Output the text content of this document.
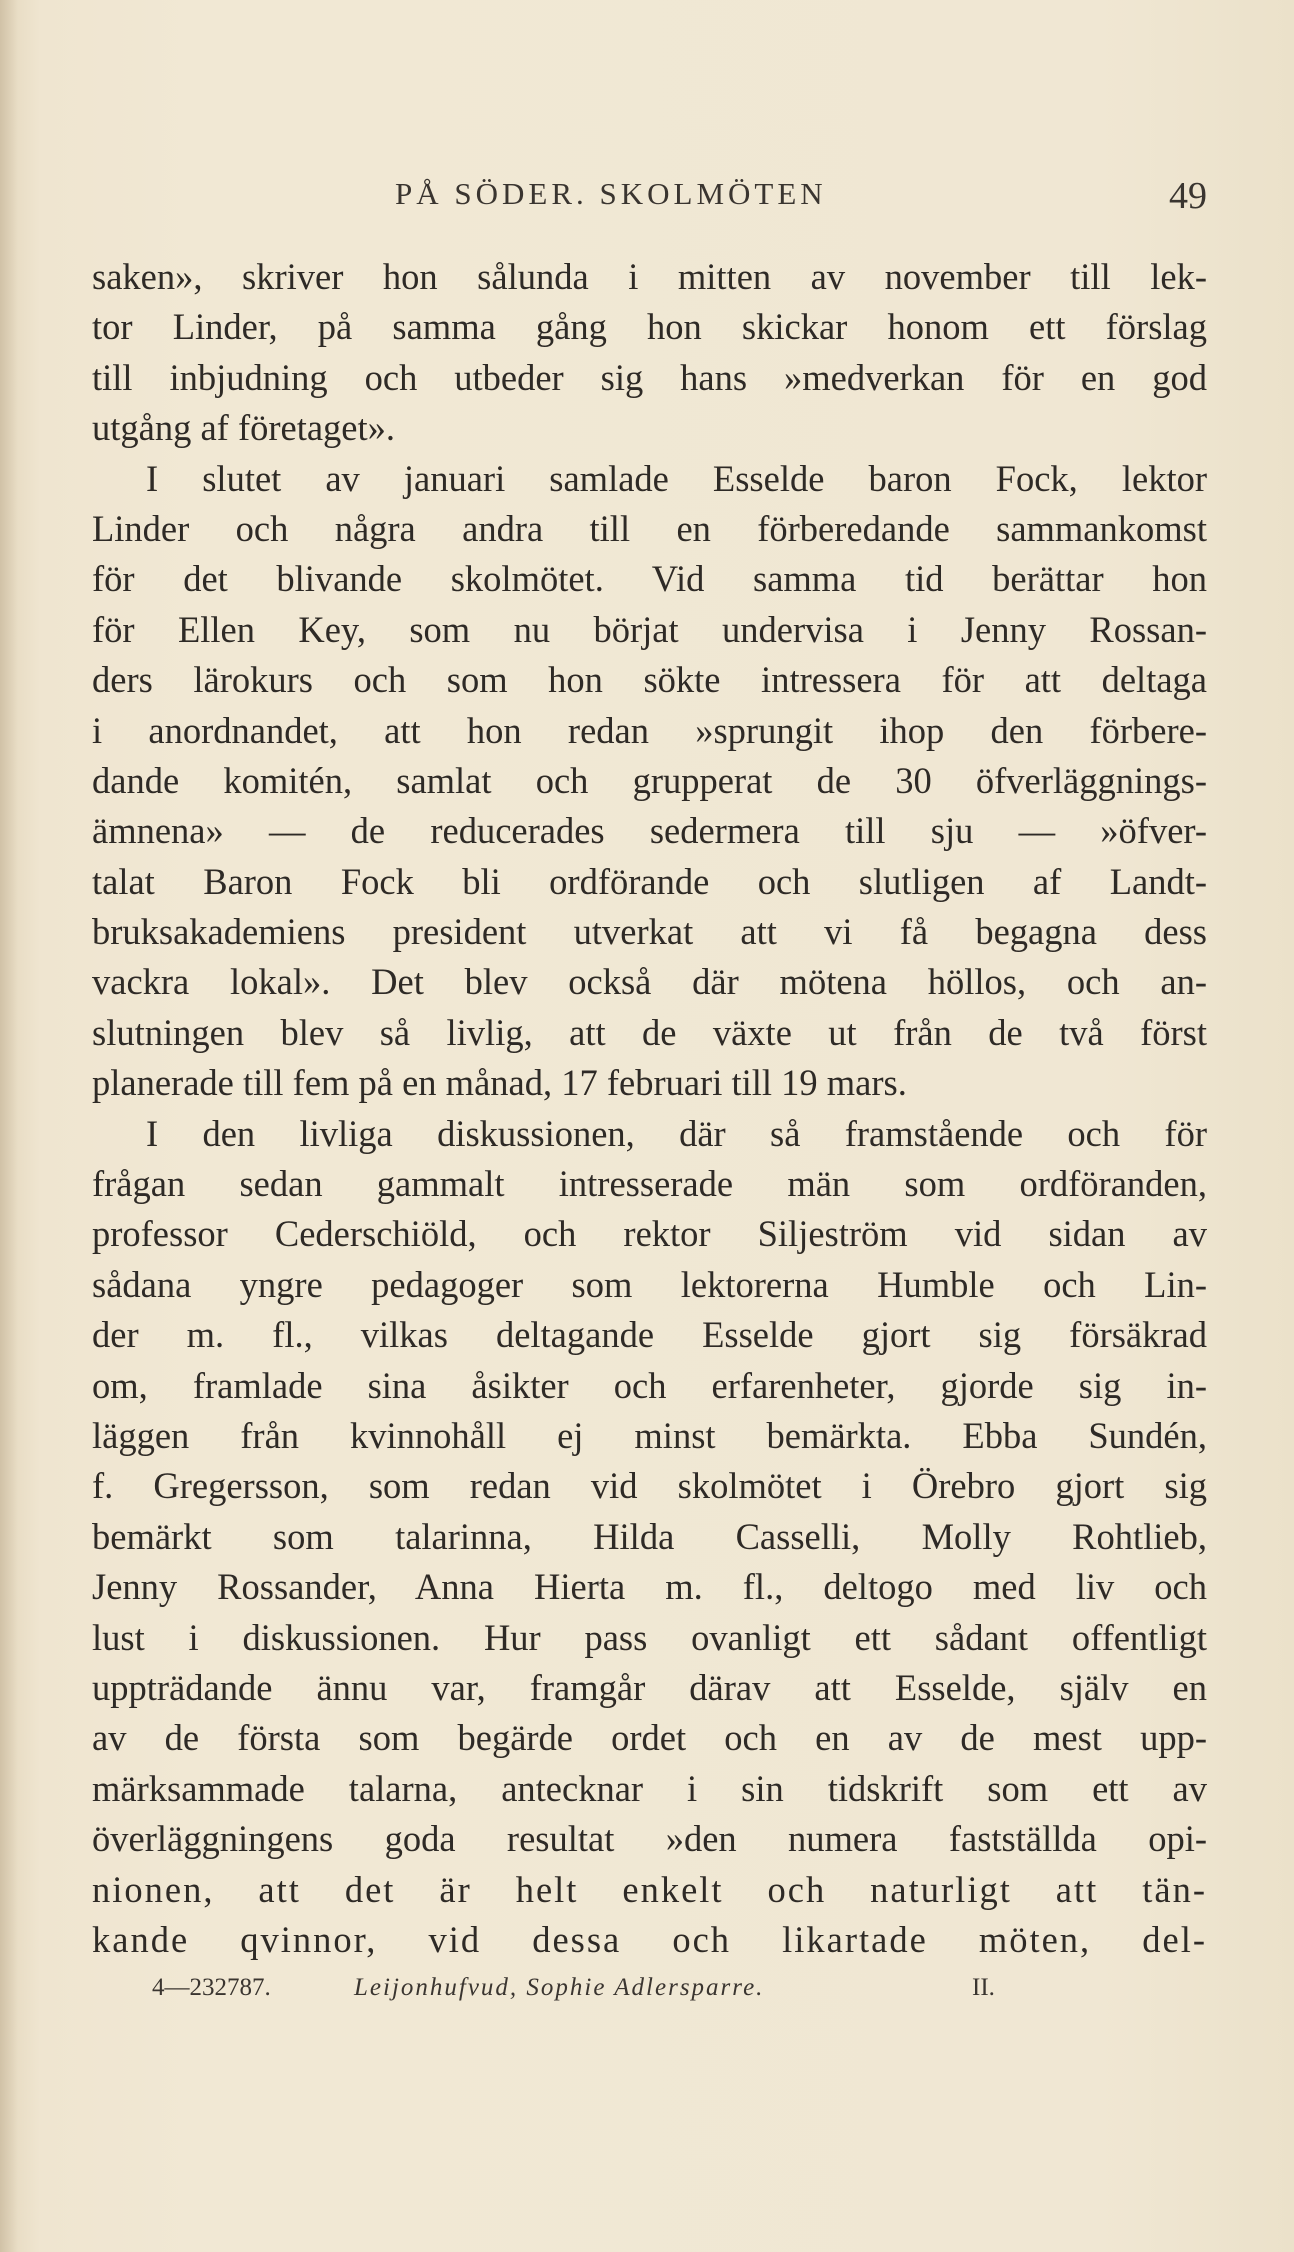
PÅ SÖDER. SKOLMÖTEN	49
saken», skriver hon sålunda i mitten av november till lek-
tor Linder, på samma gång hon skickar honom ett förslag
till inbjudning och utbeder sig hans »medverkan för en god
utgång af företaget».
I slutet av januari samlade Esselde baron Fock, lektor
Linder och några andra till en förberedande sammankomst
för det blivande skolmötet. Vid samma tid berättar hon
för Ellen Key, som nu börjat undervisa i Jenny Rossan-
ders lärokurs och som hon sökte intressera för att deltaga
i anordnandet, att hon redan »sprungit ihop den förbere-
dande komitén, samlat och grupperat de 30 öfverläggnings-
ämnena» — de reducerades sedermera till sju — »öfver-
talat Baron Fock bli ordförande och slutligen af Landt-
bruksakademiens president utverkat att vi få begagna dess
vackra lokal». Det blev också där mötena höllos, och an-
slutningen blev så livlig, att de växte ut från de två först
planerade till fem på en månad, 17 februari till 19 mars.
I den livliga diskussionen, där så framstående och för
frågan sedan gammalt intresserade män som ordföranden,
professor Cederschiöld, och rektor Siljeström vid sidan av
sådana yngre pedagoger som lektorerna Humble och Lin-
der m. fl., vilkas deltagande Esselde gjort sig försäkrad
om, framlade sina åsikter och erfarenheter, gjorde sig in-
läggen från kvinnohåll ej minst bemärkta. Ebba Sundén,
f. Gregersson, som redan vid skolmötet i Örebro gjort sig
bemärkt som talarinna, Hilda Casselli, Molly Rohtlieb,
Jenny Rossander, Anna Hierta m. fl., deltogo med liv och
lust i diskussionen. Hur pass ovanligt ett sådant offentligt
uppträdande ännu var, framgår därav att Esselde, själv en
av de första som begärde ordet och en av de mest upp-
märksammade talarna, antecknar i sin tidskrift som ett av
överläggningens goda resultat »den numera fastställda opi-
nionen, att det är helt enkelt och naturligt att tän-
kande qvinnor, vid dessa och likartade möten, del-
4—232787.	Leijonhufvud, Sophie Adlersparre.	II.
